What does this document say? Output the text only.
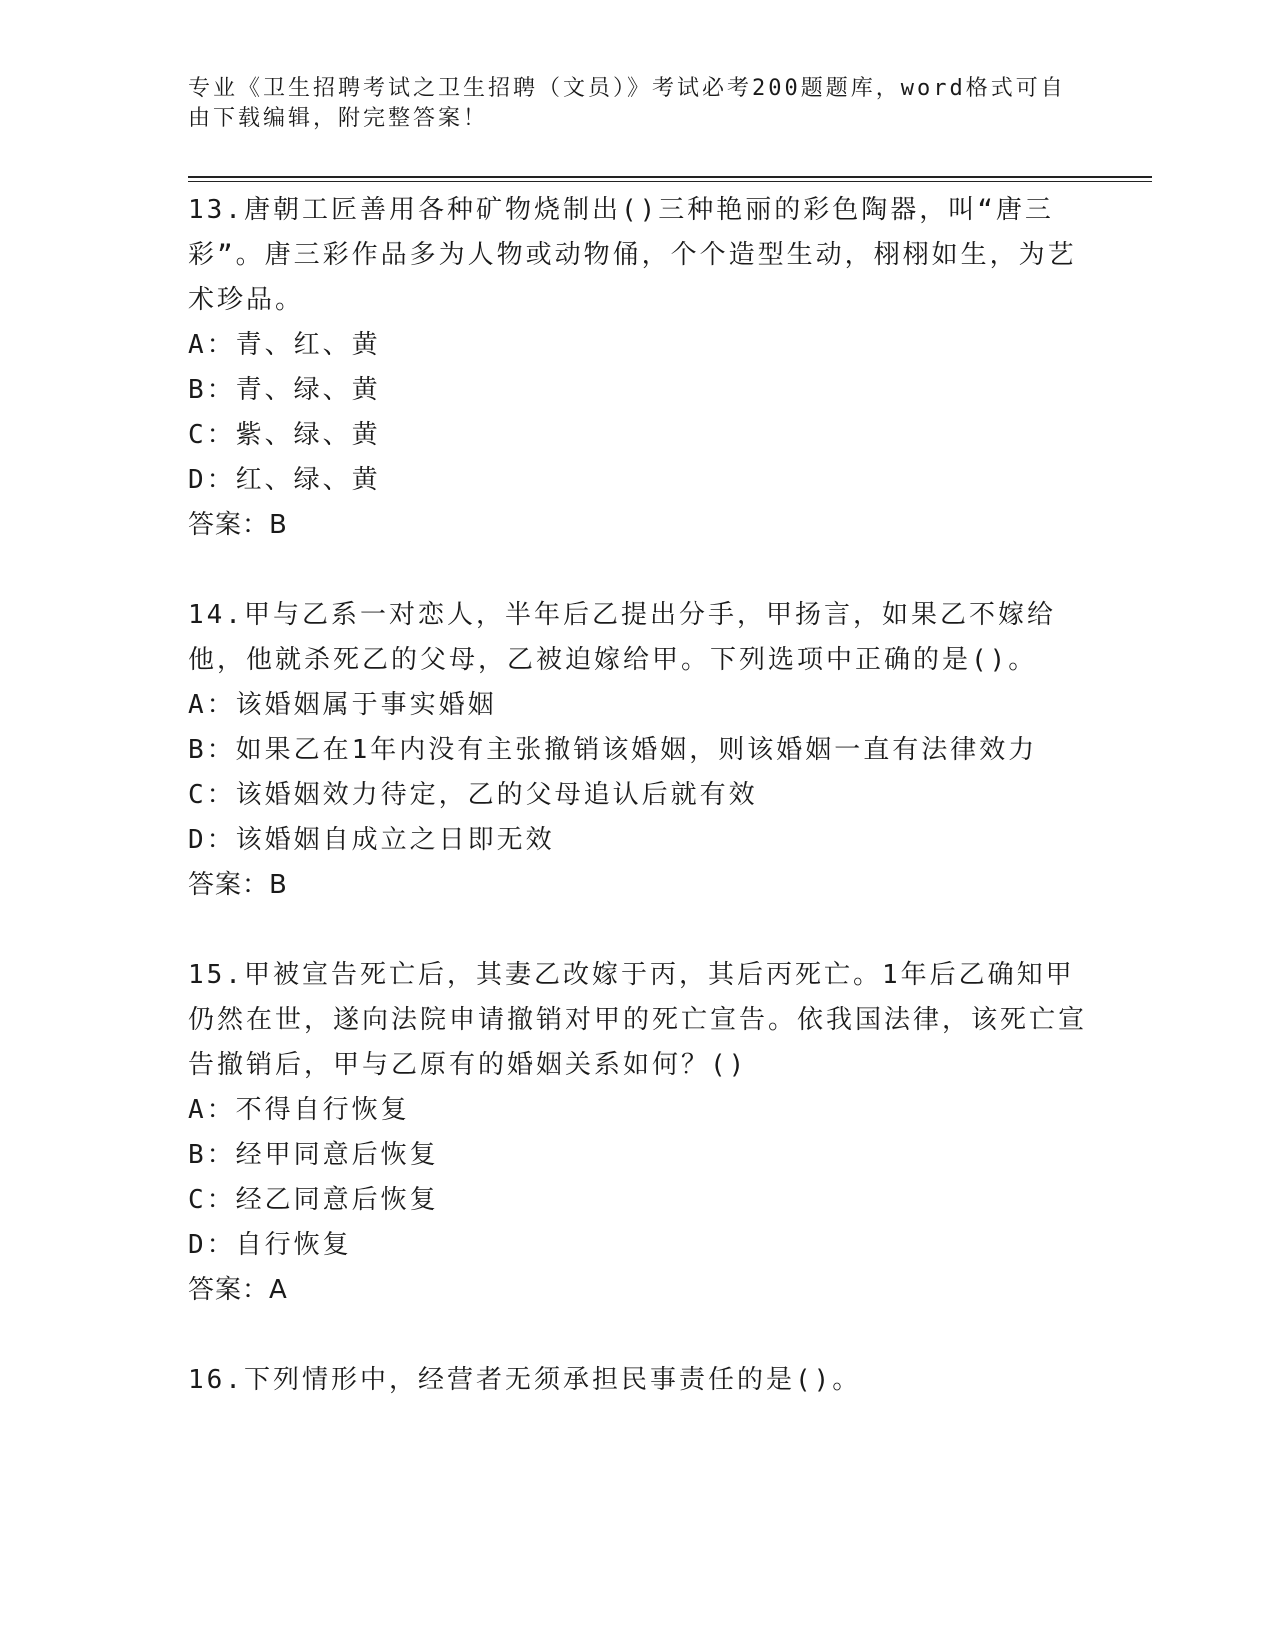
专业《卫生招聘考试之卫生招聘（文员）》考试必考200题题库，word格式可自由下载编辑，附完整答案！

13.唐朝工匠善用各种矿物烧制出()三种艳丽的彩色陶器，叫“唐三彩”。唐三彩作品多为人物或动物俑，个个造型生动，栩栩如生，为艺术珍品。

A：青、红、黄

B：青、绿、黄

C：紫、绿、黄

D：红、绿、黄

答案：B

14.甲与乙系一对恋人，半年后乙提出分手，甲扬言，如果乙不嫁给他，他就杀死乙的父母，乙被迫嫁给甲。下列选项中正确的是()。

A：该婚姻属于事实婚姻

B：如果乙在1年内没有主张撤销该婚姻，则该婚姻一直有法律效力

C：该婚姻效力待定，乙的父母追认后就有效

D：该婚姻自成立之日即无效

答案：B

15.甲被宣告死亡后，其妻乙改嫁于丙，其后丙死亡。1年后乙确知甲仍然在世，遂向法院申请撤销对甲的死亡宣告。依我国法律，该死亡宣告撤销后，甲与乙原有的婚姻关系如何？()

A：不得自行恢复

B：经甲同意后恢复

C：经乙同意后恢复

D：自行恢复

答案：A

16.下列情形中，经营者无须承担民事责任的是()。
